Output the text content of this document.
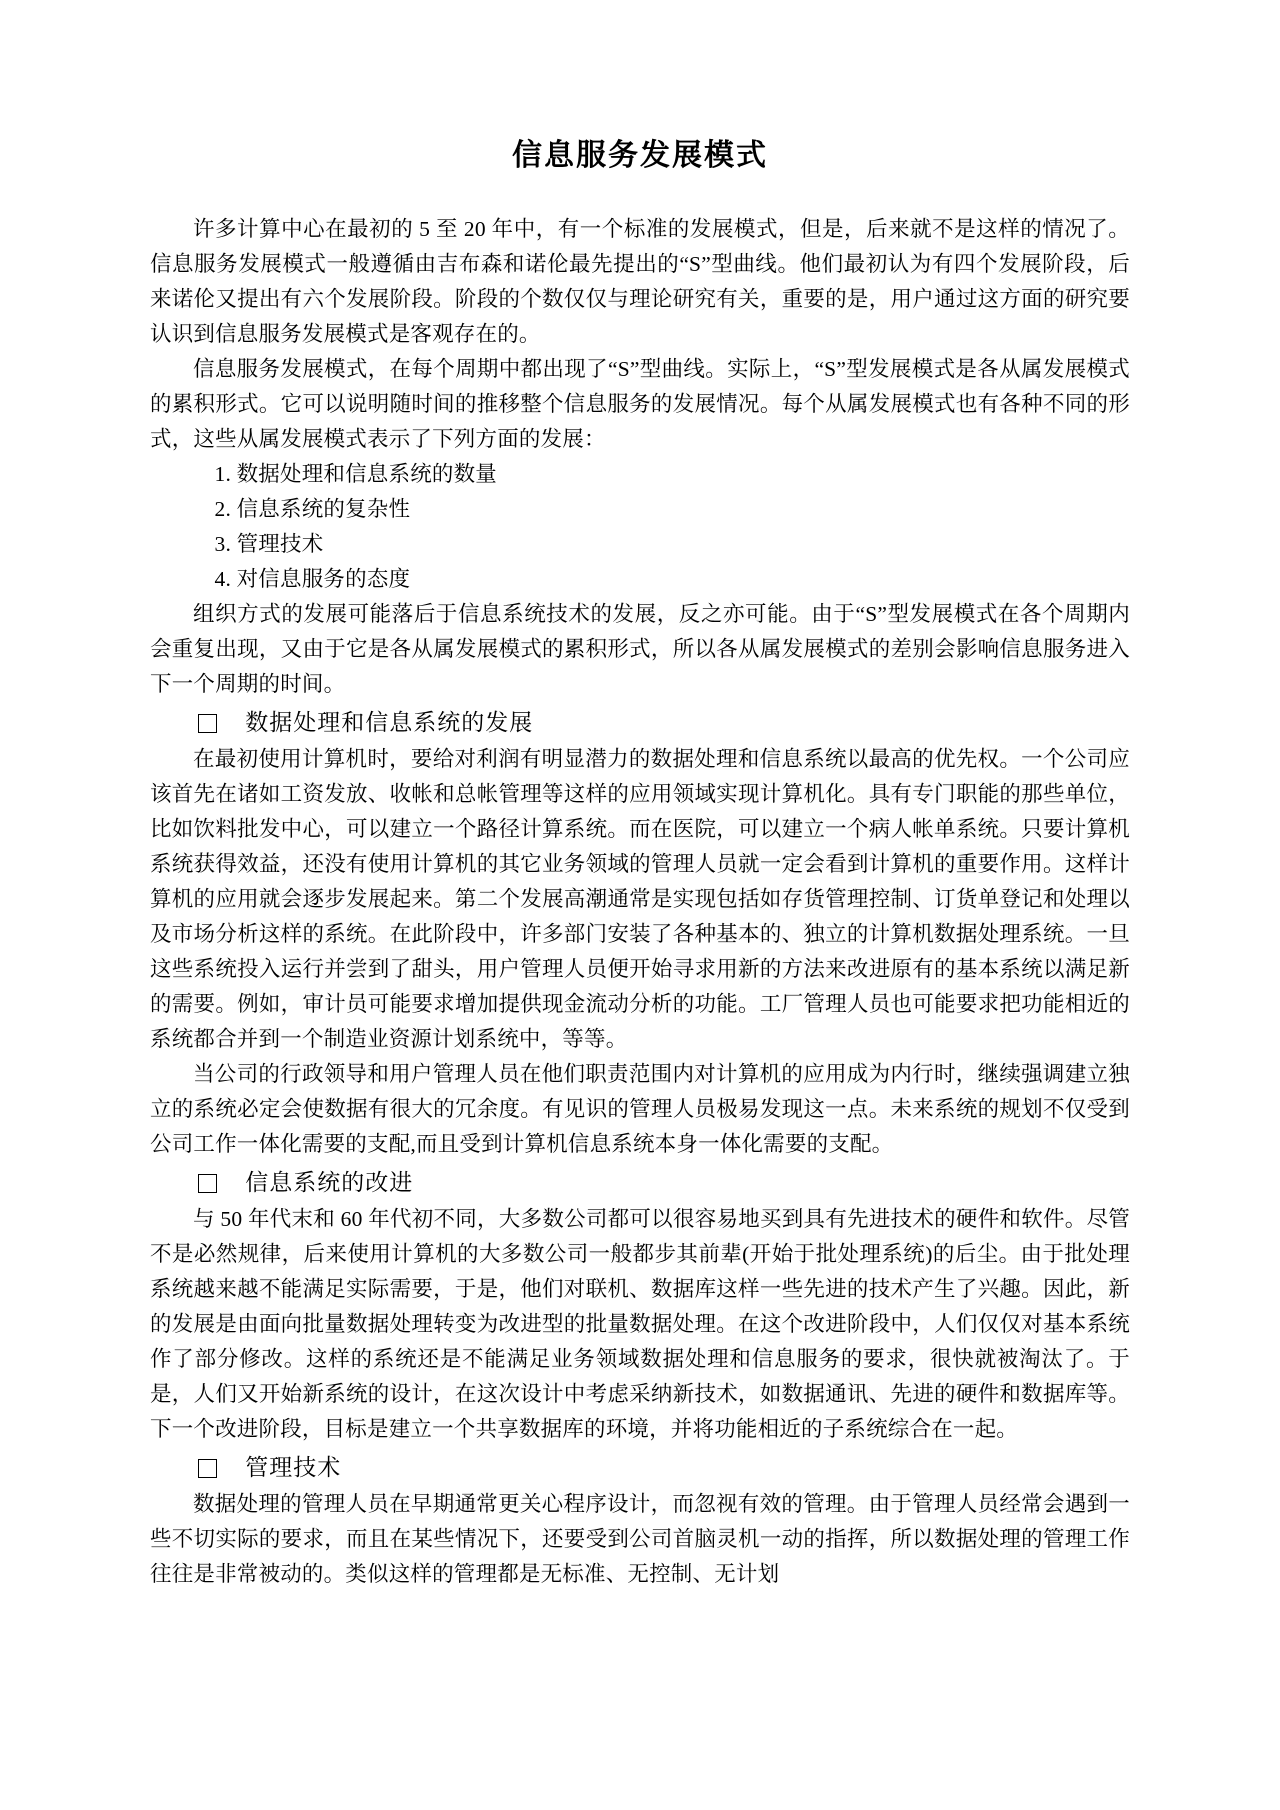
信息服务发展模式

许多计算中心在最初的 5 至 20 年中，有一个标准的发展模式，但是，后来就不是这样的情况了。信息服务发展模式一般遵循由吉布森和诺伦最先提出的“S”型曲线。他们最初认为有四个发展阶段，后来诺伦又提出有六个发展阶段。阶段的个数仅仅与理论研究有关，重要的是，用户通过这方面的研究要认识到信息服务发展模式是客观存在的。

信息服务发展模式，在每个周期中都出现了“S”型曲线。实际上，“S”型发展模式是各从属发展模式的累积形式。它可以说明随时间的推移整个信息服务的发展情况。每个从属发展模式也有各种不同的形式，这些从属发展模式表示了下列方面的发展：

1. 数据处理和信息系统的数量

2. 信息系统的复杂性

3. 管理技术

4. 对信息服务的态度

组织方式的发展可能落后于信息系统技术的发展，反之亦可能。由于“S”型发展模式在各个周期内会重复出现，又由于它是各从属发展模式的累积形式，所以各从属发展模式的差别会影响信息服务进入下一个周期的时间。

数据处理和信息系统的发展

在最初使用计算机时，要给对利润有明显潜力的数据处理和信息系统以最高的优先权。一个公司应该首先在诸如工资发放、收帐和总帐管理等这样的应用领域实现计算机化。具有专门职能的那些单位，比如饮料批发中心，可以建立一个路径计算系统。而在医院，可以建立一个病人帐单系统。只要计算机系统获得效益，还没有使用计算机的其它业务领域的管理人员就一定会看到计算机的重要作用。这样计算机的应用就会逐步发展起来。第二个发展高潮通常是实现包括如存货管理控制、订货单登记和处理以及市场分析这样的系统。在此阶段中，许多部门安装了各种基本的、独立的计算机数据处理系统。一旦这些系统投入运行并尝到了甜头，用户管理人员便开始寻求用新的方法来改进原有的基本系统以满足新的需要。例如，审计员可能要求增加提供现金流动分析的功能。工厂管理人员也可能要求把功能相近的系统都合并到一个制造业资源计划系统中，等等。

当公司的行政领导和用户管理人员在他们职责范围内对计算机的应用成为内行时，继续强调建立独立的系统必定会使数据有很大的冗余度。有见识的管理人员极易发现这一点。未来系统的规划不仅受到公司工作一体化需要的支配,而且受到计算机信息系统本身一体化需要的支配。

信息系统的改进

与 50 年代末和 60 年代初不同，大多数公司都可以很容易地买到具有先进技术的硬件和软件。尽管不是必然规律，后来使用计算机的大多数公司一般都步其前辈(开始于批处理系统)的后尘。由于批处理系统越来越不能满足实际需要，于是，他们对联机、数据库这样一些先进的技术产生了兴趣。因此，新的发展是由面向批量数据处理转变为改进型的批量数据处理。在这个改进阶段中，人们仅仅对基本系统作了部分修改。这样的系统还是不能满足业务领域数据处理和信息服务的要求，很快就被淘汰了。于是，人们又开始新系统的设计，在这次设计中考虑采纳新技术，如数据通讯、先进的硬件和数据库等。下一个改进阶段，目标是建立一个共享数据库的环境，并将功能相近的子系统综合在一起。

管理技术

数据处理的管理人员在早期通常更关心程序设计，而忽视有效的管理。由于管理人员经常会遇到一些不切实际的要求，而且在某些情况下，还要受到公司首脑灵机一动的指挥，所以数据处理的管理工作往往是非常被动的。类似这样的管理都是无标准、无控制、无计划
